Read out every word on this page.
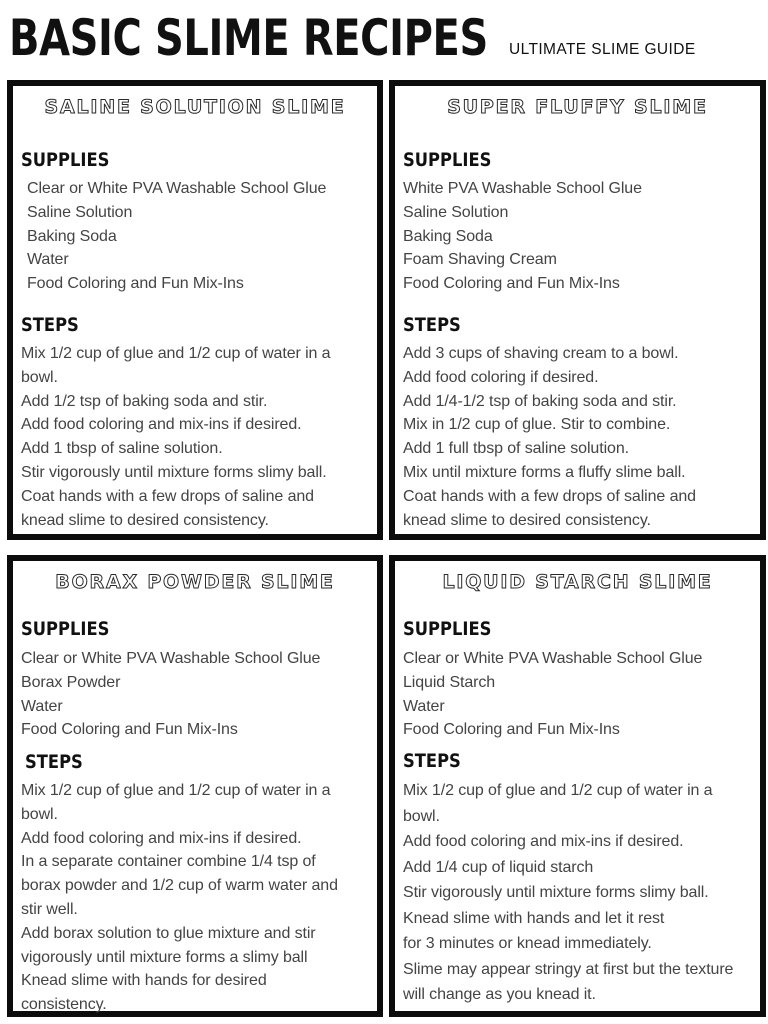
BASIC SLIME RECIPES ULTIMATE SLIME GUIDE
SALINE SOLUTION SLIME
SUPPLIES
Clear or White PVA Washable School Glue
Saline Solution
Baking Soda
Water
Food Coloring and Fun Mix-Ins
STEPS
Mix 1/2 cup of glue and 1/2 cup of water in a
bowl.
Add 1/2 tsp of baking soda and stir.
Add food coloring and mix-ins if desired.
Add 1 tbsp of saline solution.
Stir vigorously until mixture forms slimy ball.
Coat hands with a few drops of saline and
knead slime to desired consistency.
SUPER FLUFFY SLIME
SUPPLIES
White PVA Washable School Glue
Saline Solution
Baking Soda
Foam Shaving Cream
Food Coloring and Fun Mix-Ins
STEPS
Add 3 cups of shaving cream to a bowl.
Add food coloring if desired.
Add 1/4-1/2 tsp of baking soda and stir.
Mix in 1/2 cup of glue. Stir to combine.
Add 1 full tbsp of saline solution.
Mix until mixture forms a fluffy slime ball.
Coat hands with a few drops of saline and
knead slime to desired consistency.
BORAX POWDER SLIME
SUPPLIES
Clear or White PVA Washable School Glue
Borax Powder
Water
Food Coloring and Fun Mix-Ins
STEPS
Mix 1/2 cup of glue and 1/2 cup of water in a
bowl.
Add food coloring and mix-ins if desired.
In a separate container combine 1/4 tsp of
borax powder and 1/2 cup of warm water and
stir well.
Add borax solution to glue mixture and stir
vigorously until mixture forms a slimy ball
Knead slime with hands for desired
consistency.
LIQUID STARCH SLIME
SUPPLIES
Clear or White PVA Washable School Glue
Liquid Starch
Water
Food Coloring and Fun Mix-Ins
STEPS
Mix 1/2 cup of glue and 1/2 cup of water in a
bowl.
Add food coloring and mix-ins if desired.
Add 1/4 cup of liquid starch
Stir vigorously until mixture forms slimy ball.
Knead slime with hands and let it rest
for 3 minutes or knead immediately.
Slime may appear stringy at first but the texture
will change as you knead it.
